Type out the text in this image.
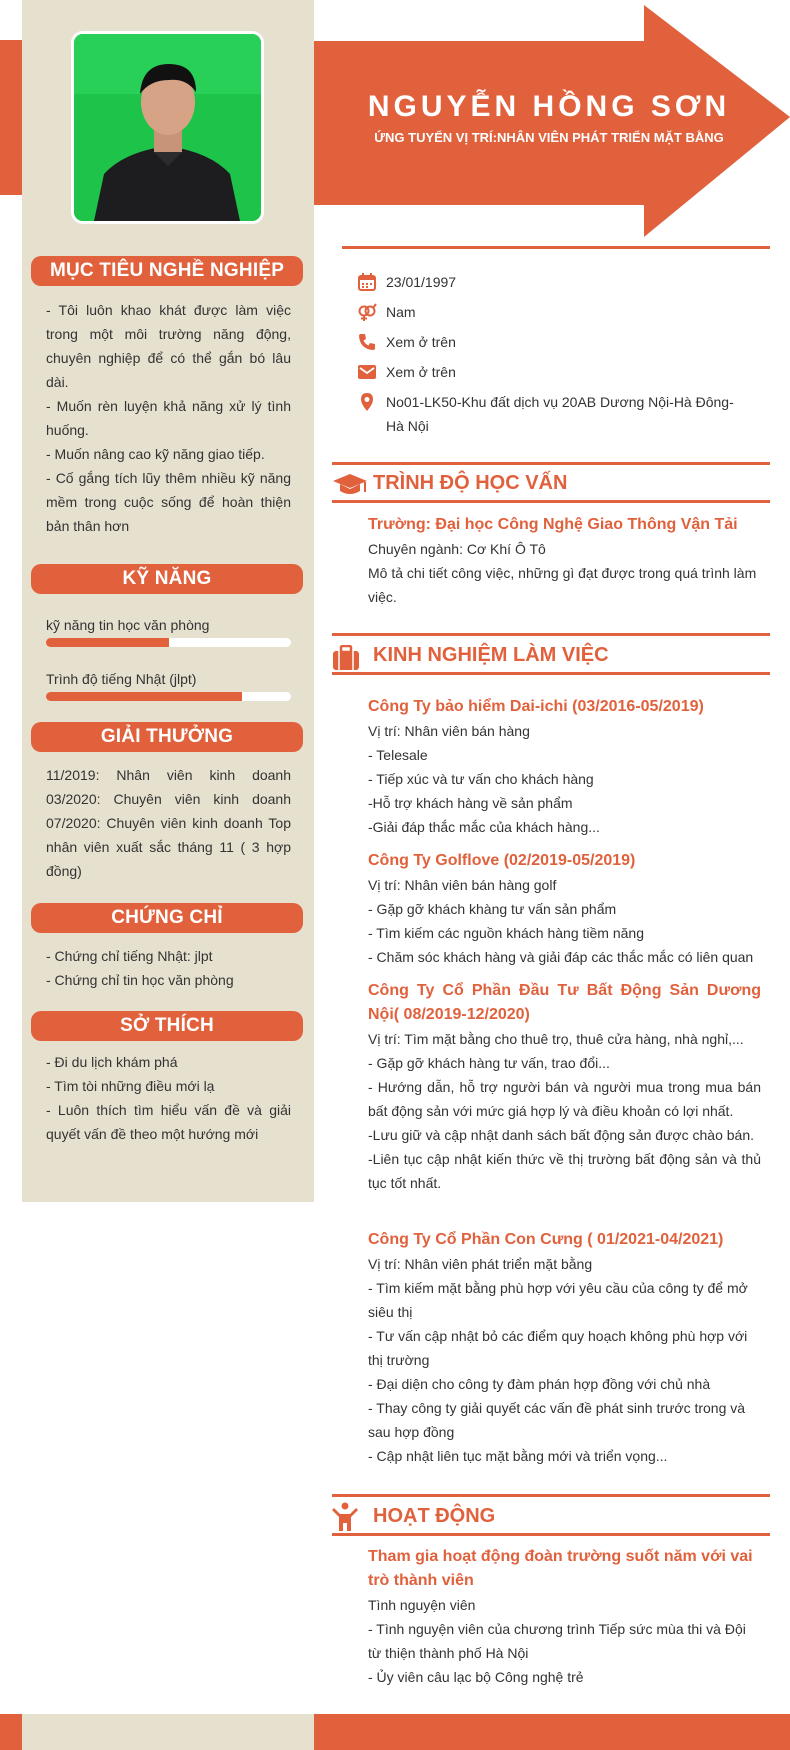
NGUYỄN HỒNG SƠN
ỨNG TUYỂN VỊ TRÍ:NHÂN VIÊN PHÁT TRIỂN MẶT BẰNG
MỤC TIÊU NGHỀ NGHIỆP

- Tôi luôn khao khát được làm việc trong một môi trường năng động, chuyên nghiệp để có thể gắn bó lâu dài.

- Muốn rèn luyện khả năng xử lý tình huống.

- Muốn nâng cao kỹ năng giao tiếp.

- Cố gắng tích lũy thêm nhiều kỹ năng mềm trong cuộc sống để hoàn thiện bản thân hơn

KỸ NĂNG
kỹ năng tin học văn phòng
Trình độ tiếng Nhật (jlpt)
GIẢI THƯỞNG

11/2019: Nhân viên kinh doanh 03/2020: Chuyên viên kinh doanh 07/2020: Chuyên viên kinh doanh Top nhân viên xuất sắc tháng 11 ( 3 hợp đồng)

CHỨNG CHỈ

- Chứng chỉ tiếng Nhật: jlpt

- Chứng chỉ tin học văn phòng

SỞ THÍCH

- Đi du lịch khám phá

- Tìm tòi những điều mới lạ

- Luôn thích tìm hiểu vấn đề và giải quyết vấn đề theo một hướng mới

23/01/1997
Nam
Xem ở trên
Xem ở trên
No01-LK50-Khu đất dịch vụ 20AB Dương Nội-Hà Đông-
Hà Nội
TRÌNH ĐỘ HỌC VẤN

Trường: Đại học Công Nghệ Giao Thông Vận Tải

Chuyên ngành: Cơ Khí Ô Tô

Mô tả chi tiết công việc, những gì đạt được trong quá trình làm việc.

KINH NGHIỆM LÀM VIỆC

Công Ty bảo hiểm Dai-ichi (03/2016-05/2019)

Vị trí: Nhân viên bán hàng

- Telesale

- Tiếp xúc và tư vấn cho khách hàng

-Hỗ trợ khách hàng về sản phẩm

-Giải đáp thắc mắc của khách hàng...

Công Ty Golflove (02/2019-05/2019)

Vị trí: Nhân viên bán hàng golf

- Gặp gỡ khách khàng tư vấn sản phẩm

- Tìm kiếm các nguồn khách hàng tiềm năng

- Chăm sóc khách hàng và giải đáp các thắc mắc có liên quan

Công Ty Cổ Phần Đầu Tư Bất Động Sản Dương Nội( 08/2019-12/2020)

Vị trí: Tìm mặt bằng cho thuê trọ, thuê cửa hàng, nhà nghỉ,...

- Gặp gỡ khách hàng tư vấn, trao đổi...

- Hướng dẫn, hỗ trợ người bán và người mua trong mua bán bất động sản với mức giá hợp lý và điều khoản có lợi nhất.

-Lưu giữ và cập nhật danh sách bất động sản được chào bán.

-Liên tục cập nhật kiến thức về thị trường bất động sản và thủ tục tốt nhất.

Công Ty Cổ Phần Con Cưng ( 01/2021-04/2021)

Vị trí: Nhân viên phát triển mặt bằng

- Tìm kiếm mặt bằng phù hợp với yêu cầu của công ty để mở siêu thị

- Tư vấn cập nhật bỏ các điểm quy hoạch không phù hợp với thị trường

- Đại diện cho công ty đàm phán hợp đồng với chủ nhà

- Thay công ty giải quyết các vấn đề phát sinh trước trong và sau hợp đồng

- Cập nhật liên tục mặt bằng mới và triển vọng...

HOẠT ĐỘNG

Tham gia hoạt động đoàn trường suốt năm với vai trò thành viên

Tình nguyện viên

- Tình nguyện viên của chương trình Tiếp sức mùa thi và Đội từ thiện thành phố Hà Nội

- Ủy viên câu lạc bộ Công nghệ trẻ
